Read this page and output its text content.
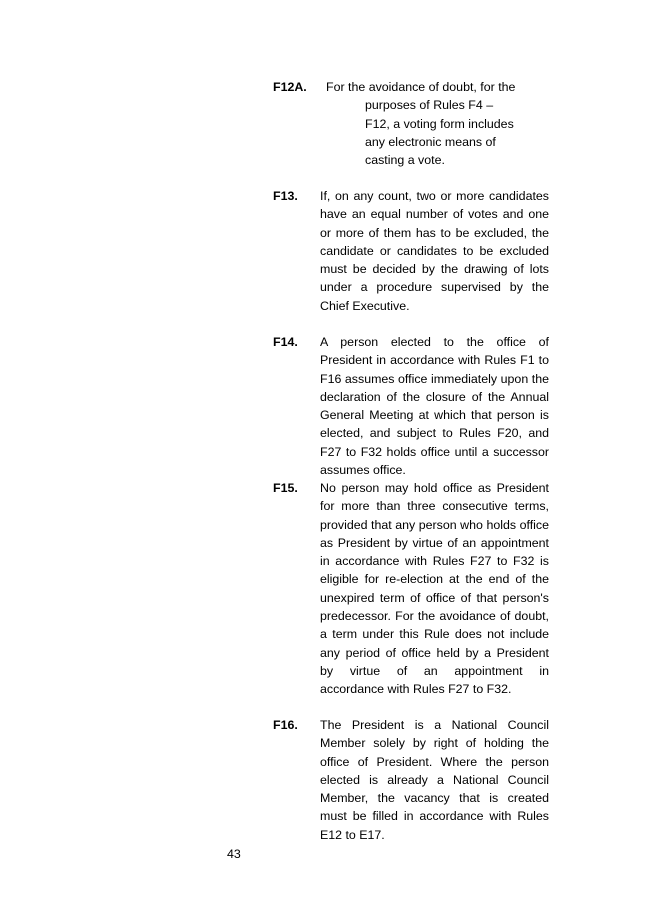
F12A.	For the avoidance of doubt, for the
purposes of Rules F4 – F12, a voting form includes any electronic means of casting a vote.
F13.	If, on any count, two or more candidates have an equal number of votes and one or more of them has to be excluded, the candidate or candidates to be excluded must be decided by the drawing of lots under a procedure supervised by the Chief Executive.
F14.	A person elected to the office of President in accordance with Rules F1 to F16 assumes office immediately upon the declaration of the closure of the Annual General Meeting at which that person is elected, and subject to Rules F20, and F27 to F32 holds office until a successor assumes office.
F15.	No person may hold office as President for more than three consecutive terms, provided that any person who holds office as President by virtue of an appointment in accordance with Rules F27 to F32 is eligible for re-election at the end of the unexpired term of office of that person's predecessor. For the avoidance of doubt, a term under this Rule does not include any period of office held by a President by virtue of an appointment in accordance with Rules F27 to F32.
F16.	The President is a National Council Member solely by right of holding the office of President. Where the person elected is already a National Council Member, the vacancy that is created must be filled in accordance with Rules E12 to E17.
43
